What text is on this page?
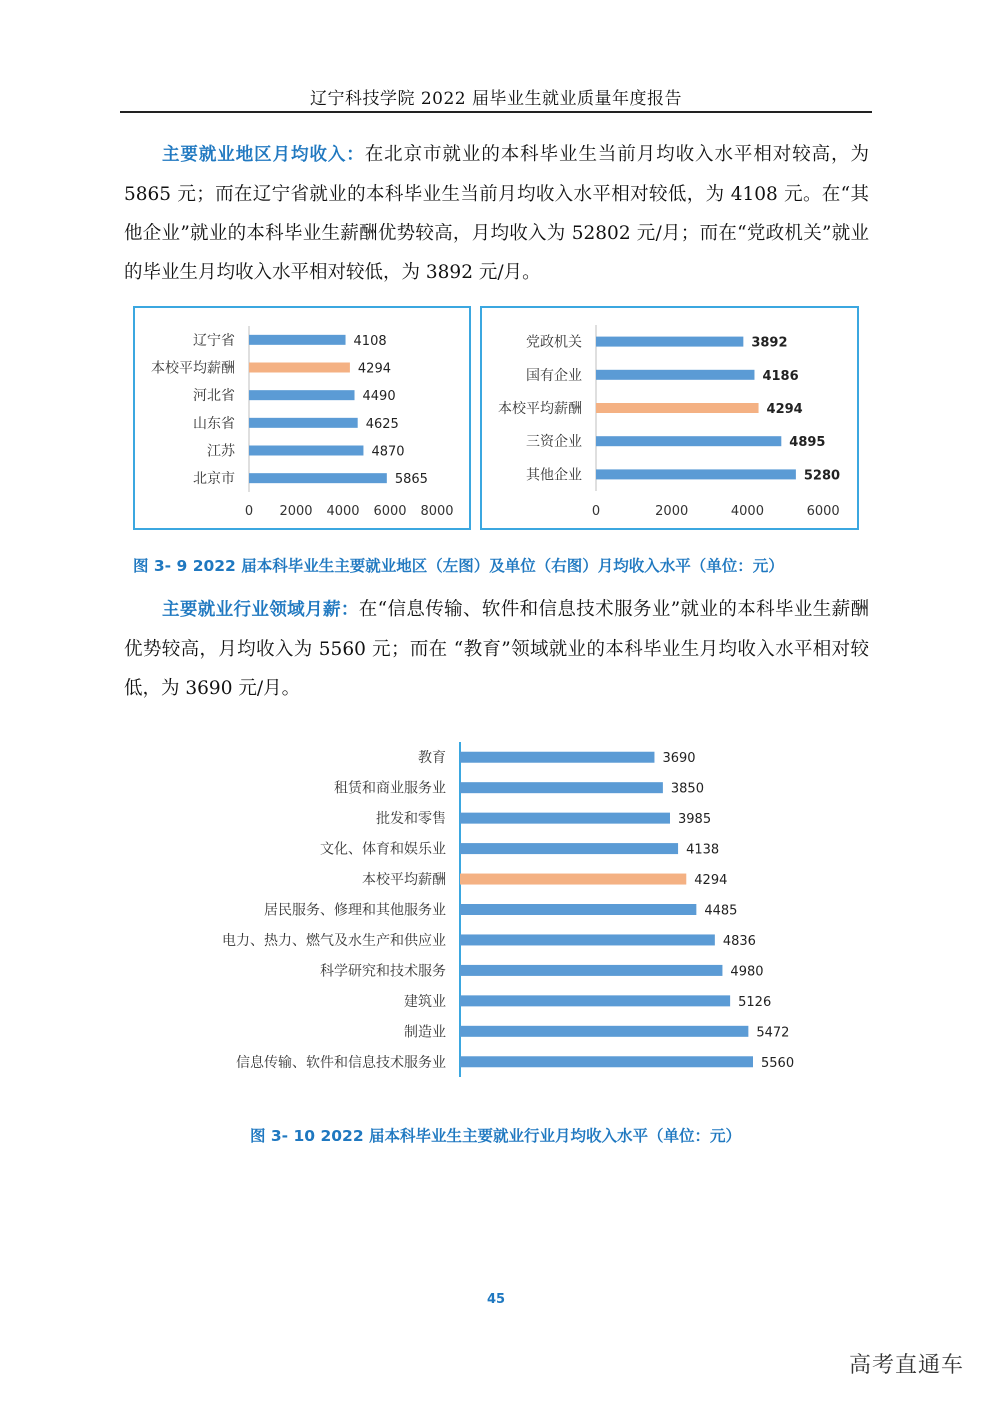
辽宁科技学院 2022 届毕业生就业质量年度报告

主要就业地区月均收入：在北京市就业的本科毕业生当前月均收入水平相对较高，为 5865 元；而在辽宁省就业的本科毕业生当前月均收入水平相对较低，为 4108 元。在“其他企业”就业的本科毕业生薪酬优势较高，月均收入为 52802 元/月；而在“党政机关”就业的毕业生月均收入水平相对较低，为 3892 元/月。

辽宁省	4108
本校平均薪酬	4294
河北省	4490
山东省	4625
江苏	4870
北京市	5865
0 2000 4000 6000 8000
党政机关	3892
国有企业	4186
本校平均薪酬	4294
三资企业	4895
其他企业	5280
0	2000	4000	6000
图 3- 9 2022 届本科毕业生主要就业地区（左图）及单位（右图）月均收入水平（单位：元）

主要就业行业领域月薪：在“信息传输、软件和信息技术服务业”就业的本科毕业生薪酬优势较高，月均收入为 5560 元；而在 “教育”领域就业的本科毕业生月均收入水平相对较低，为 3690 元/月。

教育	3690
租赁和商业服务业	3850
批发和零售	3985
文化、体育和娱乐业	4138
本校平均薪酬	4294
居民服务、修理和其他服务业	4485
电力、热力、燃气及水生产和供应业	4836
科学研究和技术服务	4980
建筑业	5126
制造业	5472
信息传输、软件和信息技术服务业	5560
图 3- 10 2022 届本科毕业生主要就业行业月均收入水平（单位：元）
45
高考直通车
